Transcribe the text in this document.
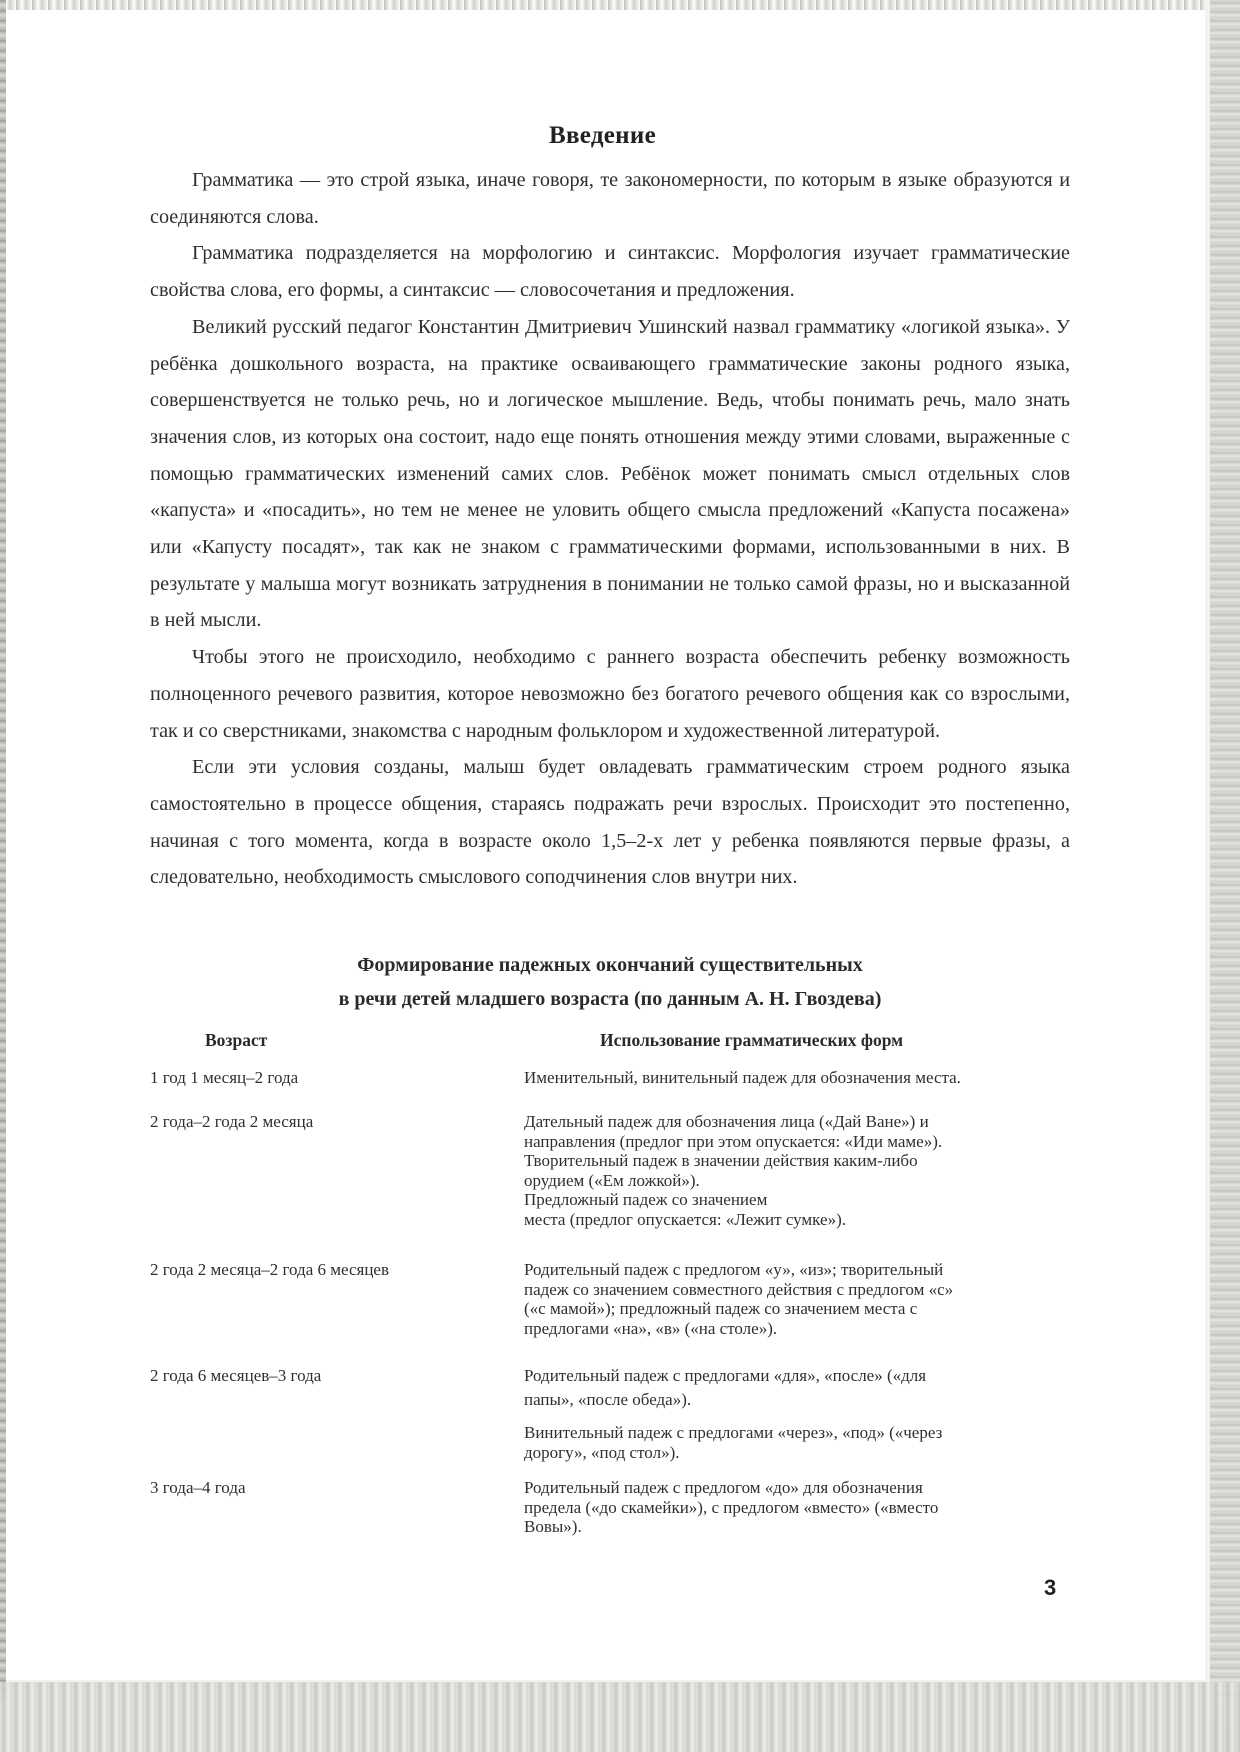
Введение

Грамматика — это строй языка, иначе говоря, те закономерности, по которым в языке образуются и соединяются слова.

Грамматика подразделяется на морфологию и синтаксис. Морфология изучает грамматические свойства слова, его формы, а синтаксис — словосочетания и предложения.

Великий русский педагог Константин Дмитриевич Ушинский назвал грамматику «логикой языка». У ребёнка дошкольного возраста, на практике осваивающего грамматические законы родного языка, совершенствуется не только речь, но и логическое мышление. Ведь, чтобы понимать речь, мало знать значения слов, из которых она состоит, надо еще понять отношения между этими словами, выраженные с помощью грамматических изменений самих слов. Ребёнок может понимать смысл отдельных слов «капуста» и «посадить», но тем не менее не уловить общего смысла предложений «Капуста посажена» или «Капусту посадят», так как не знаком с грамматическими формами, использованными в них. В результате у малыша могут возникать затруднения в понимании не только самой фразы, но и высказанной в ней мысли.

Чтобы этого не происходило, необходимо с раннего возраста обеспечить ребенку возможность полноценного речевого развития, которое невозможно без богатого речевого общения как со взрослыми, так и со сверстниками, знакомства с народным фольклором и художественной литературой.

Если эти условия созданы, малыш будет овладевать грамматическим строем родного языка самостоятельно в процессе общения, стараясь подражать речи взрослых. Происходит это постепенно, начиная с того момента, когда в возрасте около 1,5–2-х лет у ребенка появляются первые фразы, а следовательно, необходимость смыслового соподчинения слов внутри них.

Формирование падежных окончаний существительных
в речи детей младшего возраста (по данным А. Н. Гвоздева)
Возраст	Использование грамматических форм
1 год 1 месяц–2 года	Именительный, винительный падеж для обозначения места.
2 года–2 года 2 месяца	Дательный падеж для обозначения лица («Дай Ване») и
направления (предлог при этом опускается: «Иди маме»).
Творительный падеж в значении действия каким-либо
орудием («Ем ложкой»).
Предложный падеж со значением
места (предлог опускается: «Лежит сумке»).
2 года 2 месяца–2 года 6 месяцев	Родительный падеж с предлогом «у», «из»; творительный
падеж со значением совместного действия с предлогом «с»
(«с мамой»); предложный падеж со значением места с
предлогами «на», «в» («на столе»).
2 года 6 месяцев–3 года	Родительный падеж с предлогами «для», «после» («для
папы», «после обеда»).
Винительный падеж с предлогами «через», «под» («через
дорогу», «под стол»).
3 года–4 года	Родительный падеж с предлогом «до» для обозначения
предела («до скамейки»), с предлогом «вместо» («вместо
Вовы»).
3
